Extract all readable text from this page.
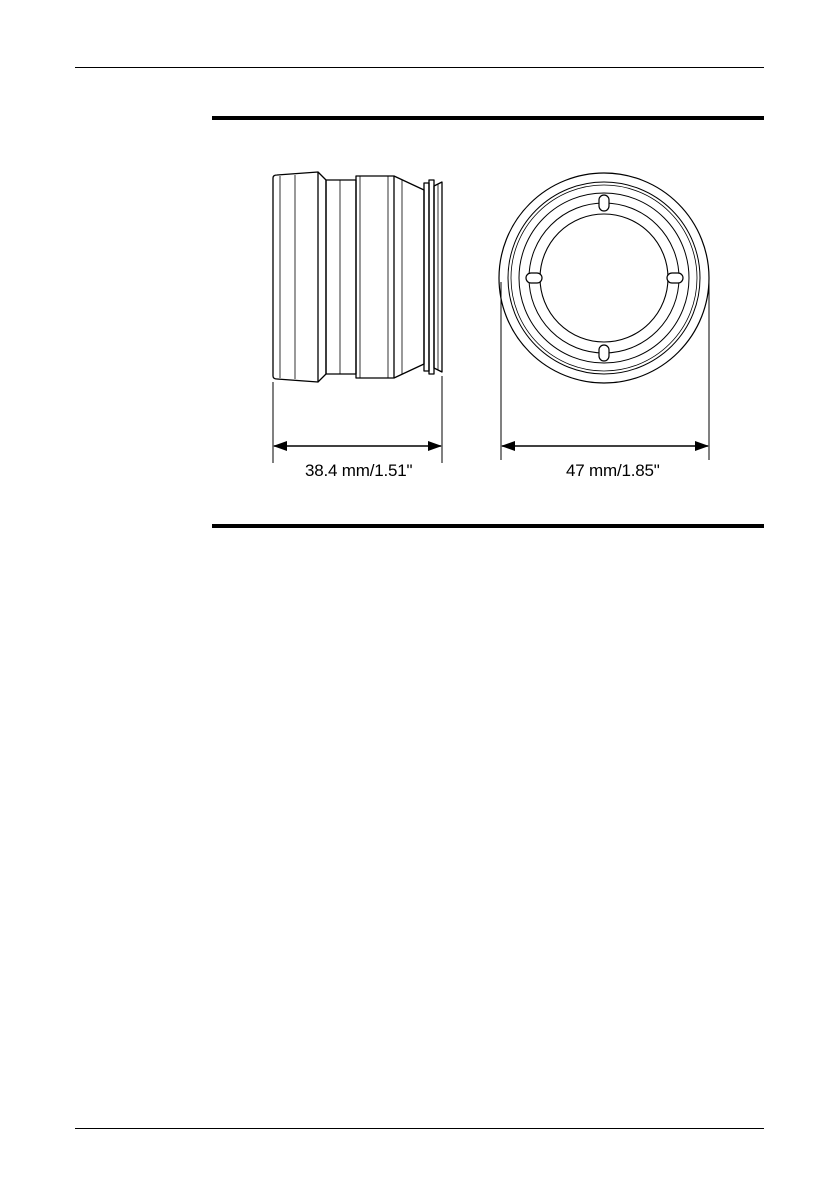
38.4 mm/1.51"	47 mm/1.85"
